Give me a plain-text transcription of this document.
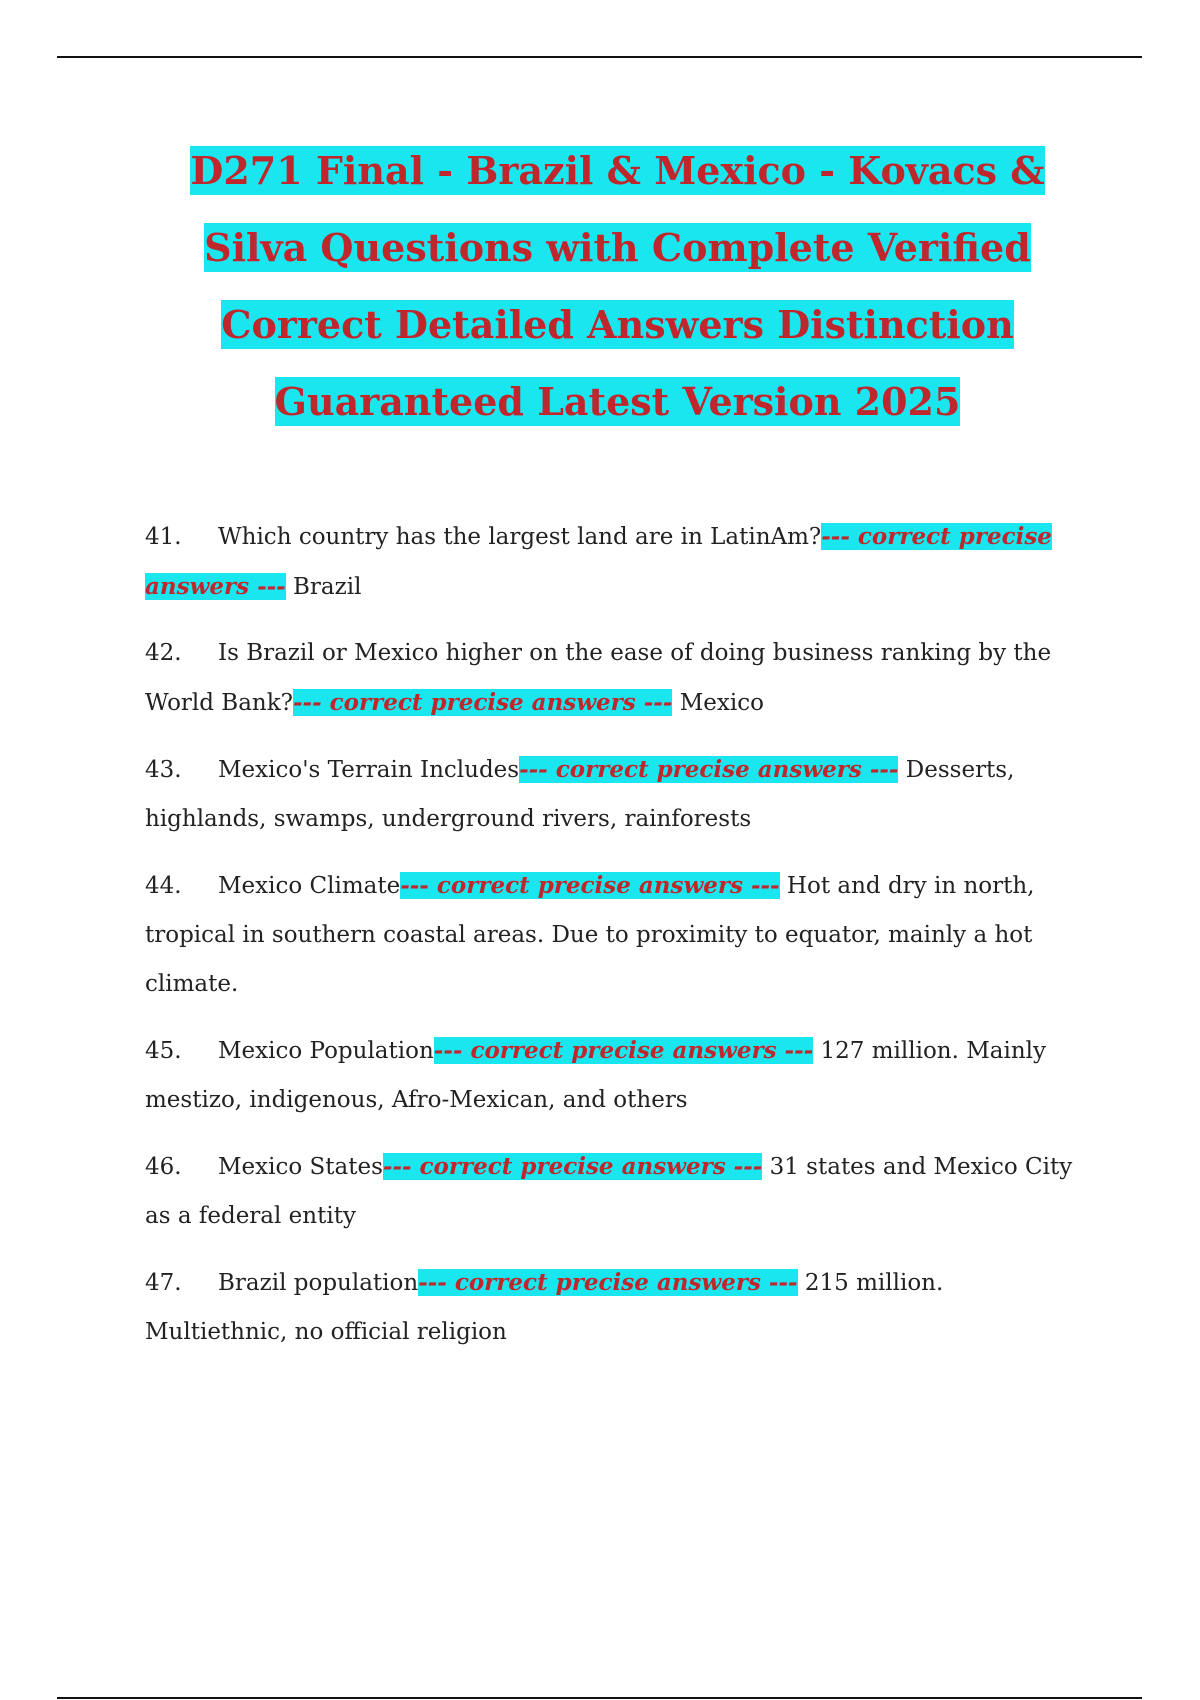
D271 Final - Brazil & Mexico - Kovacs &
Silva Questions with Complete Verified
Correct Detailed Answers Distinction
Guaranteed Latest Version 2025
41. Which country has the largest land are in LatinAm?--- correct precise answers --- Brazil
42. Is Brazil or Mexico higher on the ease of doing business ranking by the World Bank?--- correct precise answers --- Mexico
43. Mexico's Terrain Includes--- correct precise answers --- Desserts, highlands, swamps, underground rivers, rainforests
44. Mexico Climate--- correct precise answers --- Hot and dry in north, tropical in southern coastal areas. Due to proximity to equator, mainly a hot climate.
45. Mexico Population--- correct precise answers --- 127 million. Mainly mestizo, indigenous, Afro-Mexican, and others
46. Mexico States--- correct precise answers --- 31 states and Mexico City as a federal entity
47. Brazil population--- correct precise answers --- 215 million. Multiethnic, no official religion
